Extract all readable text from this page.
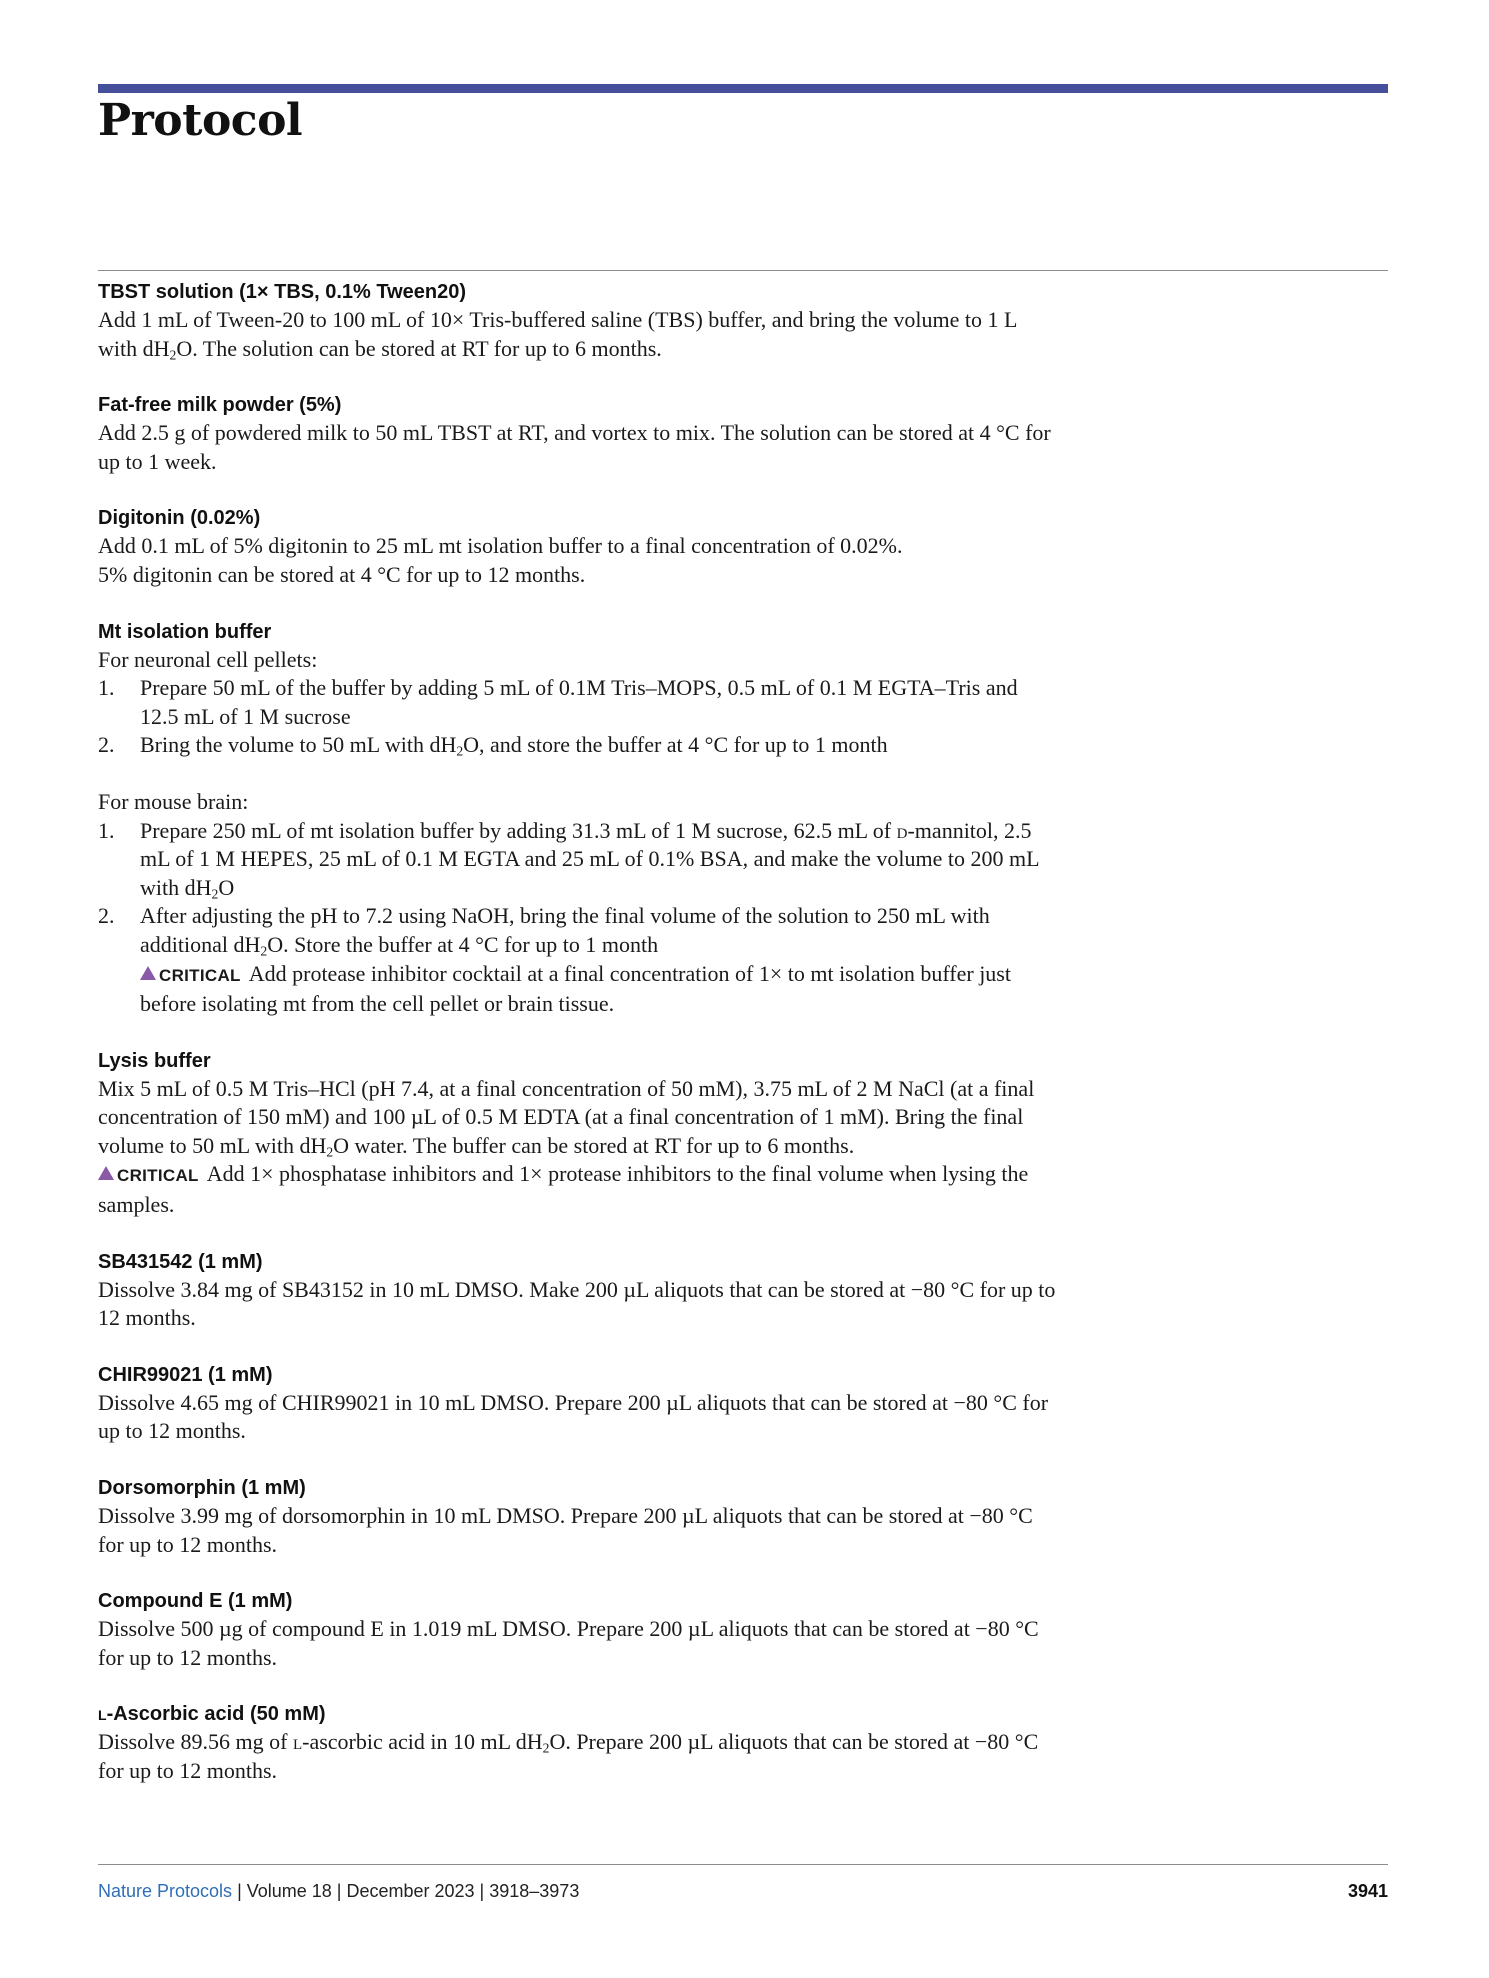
Protocol
TBST solution (1× TBS, 0.1% Tween20)
Add 1 mL of Tween-20 to 100 mL of 10× Tris-buffered saline (TBS) buffer, and bring the volume to 1 L with $dH_2O$. The solution can be stored at RT for up to 6 months.
Fat-free milk powder (5%)
Add 2.5 g of powdered milk to 50 mL TBST at RT, and vortex to mix. The solution can be stored at 4 °C for up to 1 week.
Digitonin (0.02%)
Add 0.1 mL of 5% digitonin to 25 mL mt isolation buffer to a final concentration of 0.02%.
5% digitonin can be stored at 4 °C for up to 12 months.
Mt isolation buffer
For neuronal cell pellets:
1.	Prepare 50 mL of the buffer by adding 5 mL of 0.1M Tris–MOPS, 0.5 mL of 0.1 M EGTA–Tris and 12.5 mL of 1 M sucrose
2.	Bring the volume to 50 mL with $dH_2O$, and store the buffer at 4 °C for up to 1 month
For mouse brain:
1.	Prepare 250 mL of mt isolation buffer by adding 31.3 mL of 1 M sucrose, 62.5 mL of d-mannitol, 2.5 mL of 1 M HEPES, 25 mL of 0.1 M EGTA and 25 mL of 0.1% BSA, and make the volume to 200 mL with $dH_2O$
2.	After adjusting the pH to 7.2 using NaOH, bring the final volume of the solution to 250 mL with additional $dH_2O$. Store the buffer at 4 °C for up to 1 month
CRITICAL Add protease inhibitor cocktail at a final concentration of 1× to mt isolation buffer just before isolating mt from the cell pellet or brain tissue.
Lysis buffer
Mix 5 mL of 0.5 M Tris–HCl (pH 7.4, at a final concentration of 50 mM), 3.75 mL of 2 M NaCl (at a final concentration of 150 mM) and 100 µL of 0.5 M EDTA (at a final concentration of 1 mM). Bring the final volume to 50 mL with $dH_2O$ water. The buffer can be stored at RT for up to 6 months.
CRITICAL Add 1× phosphatase inhibitors and 1× protease inhibitors to the final volume when lysing the samples.
SB431542 (1 mM)
Dissolve 3.84 mg of SB43152 in 10 mL DMSO. Make 200 µL aliquots that can be stored at −80 °C for up to 12 months.
CHIR99021 (1 mM)
Dissolve 4.65 mg of CHIR99021 in 10 mL DMSO. Prepare 200 µL aliquots that can be stored at −80 °C for up to 12 months.
Dorsomorphin (1 mM)
Dissolve 3.99 mg of dorsomorphin in 10 mL DMSO. Prepare 200 µL aliquots that can be stored at −80 °C for up to 12 months.
Compound E (1 mM)
Dissolve 500 µg of compound E in 1.019 mL DMSO. Prepare 200 µL aliquots that can be stored at −80 °C for up to 12 months.
l-Ascorbic acid (50 mM)
Dissolve 89.56 mg of l-ascorbic acid in 10 mL $dH_2O$. Prepare 200 µL aliquots that can be stored at −80 °C for up to 12 months.
Nature Protocols | Volume 18 | December 2023 | 3918–3973	3941
